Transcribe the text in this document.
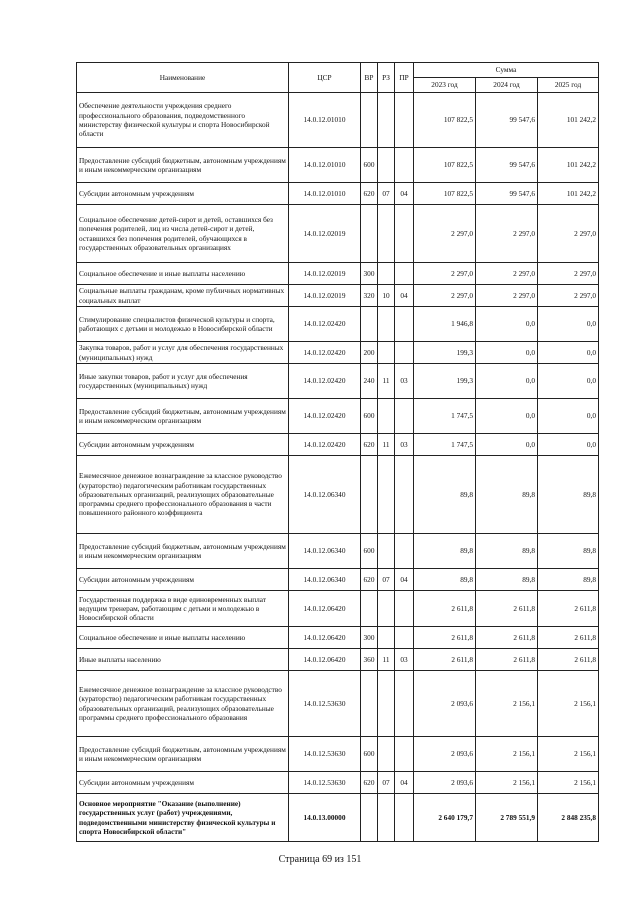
Наименование	ЦСР	ВР	РЗ	ПР	Сумма		
					2023 год	2024 год	2025 год
Обеспечение деятельности учреждения среднего профессионального образования, подведомственного министерству физической культуры и спорта Новосибирской области	14.0.12.01010				107 822,5	99 547,6	101 242,2
Предоставление субсидий бюджетным, автономным учреждениям и иным некоммерческим организациям	14.0.12.01010	600			107 822,5	99 547,6	101 242,2
Субсидии автономным учреждениям	14.0.12.01010	620	07	04	107 822,5	99 547,6	101 242,2
Социальное обеспечение детей-сирот и детей, оставшихся без попечения родителей, лиц из числа детей-сирот и детей, оставшихся без попечения родителей, обучающихся в государственных образовательных организациях	14.0.12.02019				2 297,0	2 297,0	2 297,0
Социальное обеспечение и иные выплаты населению	14.0.12.02019	300			2 297,0	2 297,0	2 297,0
Социальные выплаты гражданам, кроме публичных нормативных социальных выплат	14.0.12.02019	320	10	04	2 297,0	2 297,0	2 297,0
Стимулирование специалистов физической культуры и спорта, работающих с детьми и молодежью в Новосибирской области	14.0.12.02420				1 946,8	0,0	0,0
Закупка товаров, работ и услуг для обеспечения государственных (муниципальных) нужд	14.0.12.02420	200			199,3	0,0	0,0
Иные закупки товаров, работ и услуг для обеспечения государственных (муниципальных) нужд	14.0.12.02420	240	11	03	199,3	0,0	0,0
Предоставление субсидий бюджетным, автономным учреждениям и иным некоммерческим организациям	14.0.12.02420	600			1 747,5	0,0	0,0
Субсидии автономным учреждениям	14.0.12.02420	620	11	03	1 747,5	0,0	0,0
Ежемесячное денежное вознаграждение за классное руководство (кураторство) педагогическим работникам государственных образовательных организаций, реализующих образовательные программы среднего профессионального образования в части повышенного районного коэффициента	14.0.12.06340				89,8	89,8	89,8
Предоставление субсидий бюджетным, автономным учреждениям и иным некоммерческим организациям	14.0.12.06340	600			89,8	89,8	89,8
Субсидии автономным учреждениям	14.0.12.06340	620	07	04	89,8	89,8	89,8
Государственная поддержка в виде единовременных выплат ведущим тренерам, работающим с детьми и молодежью в Новосибирской области	14.0.12.06420				2 611,8	2 611,8	2 611,8
Социальное обеспечение и иные выплаты населению	14.0.12.06420	300			2 611,8	2 611,8	2 611,8
Иные выплаты населению	14.0.12.06420	360	11	03	2 611,8	2 611,8	2 611,8
Ежемесячное денежное вознаграждение за классное руководство (кураторство) педагогическим работникам государственных образовательных организаций, реализующих образовательные программы среднего профессионального образования	14.0.12.53630				2 093,6	2 156,1	2 156,1
Предоставление субсидий бюджетным, автономным учреждениям и иным некоммерческим организациям	14.0.12.53630	600			2 093,6	2 156,1	2 156,1
Субсидии автономным учреждениям	14.0.12.53630	620	07	04	2 093,6	2 156,1	2 156,1
Основное мероприятие "Оказание (выполнение) государственных услуг (работ) учреждениями, подведомственными министерству физической культуры и спорта Новосибирской области"	14.0.13.00000				2 640 179,7	2 789 551,9	2 848 235,8
Страница 69 из 151
